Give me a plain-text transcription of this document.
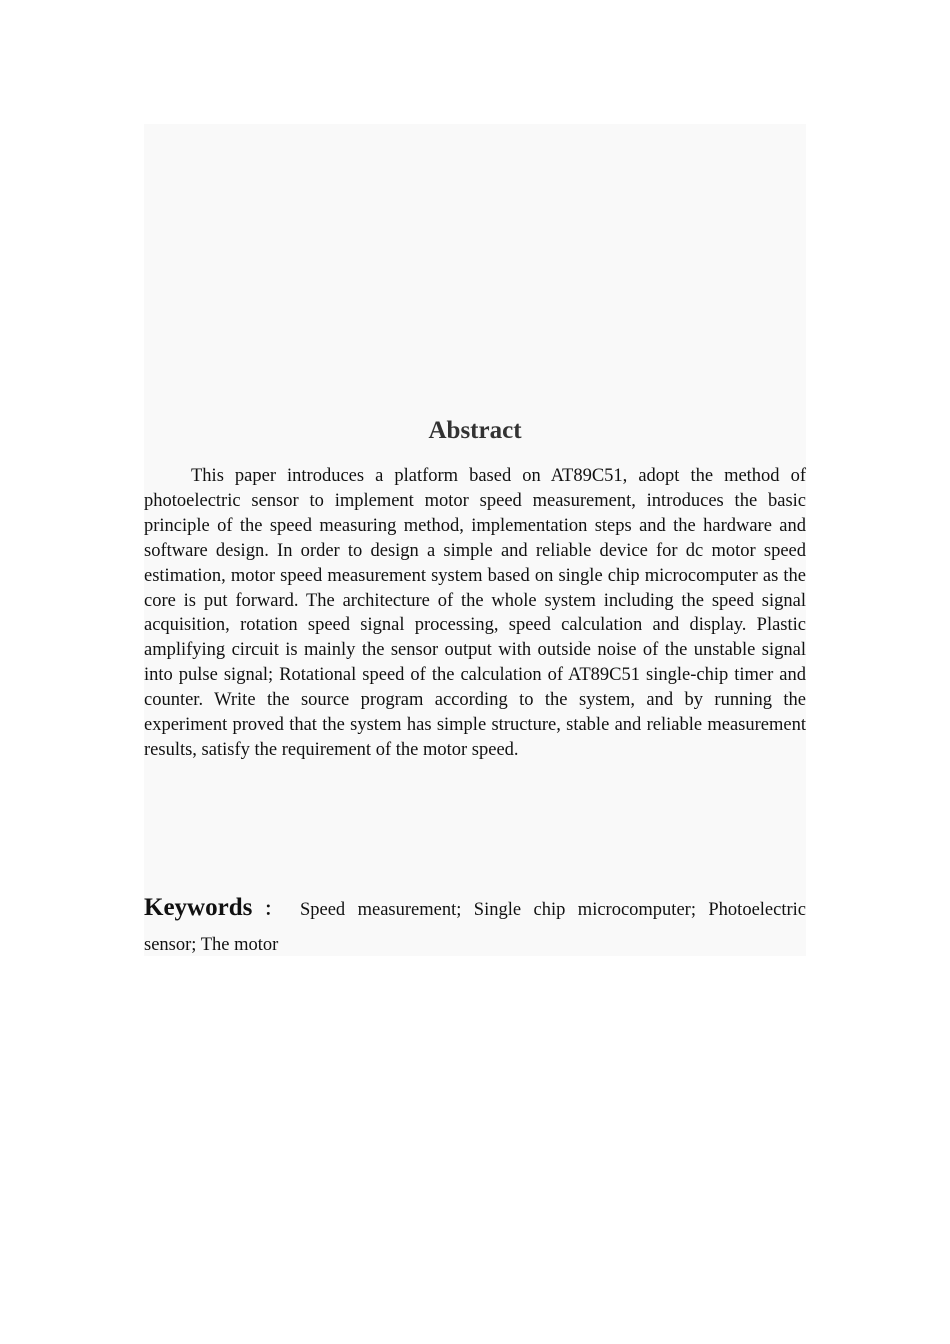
Abstract

This paper introduces a platform based on AT89C51, adopt the method of photoelectric sensor to implement motor speed measurement, introduces the basic principle of the speed measuring method, implementation steps and the hardware and software design. In order to design a simple and reliable device for dc motor speed estimation, motor speed measurement system based on single chip microcomputer as the core is put forward. The architecture of the whole system including the speed signal acquisition, rotation speed signal processing, speed calculation and display. Plastic amplifying circuit is mainly the sensor output with outside noise of the unstable signal into pulse signal; Rotational speed of the calculation of AT89C51 single-chip timer and counter. Write the source program according to the system, and by running the experiment proved that the system has simple structure, stable and reliable measurement results, satisfy the requirement of the motor speed.

Keywords ： Speed measurement; Single chip microcomputer; Photoelectric sensor; The motor
